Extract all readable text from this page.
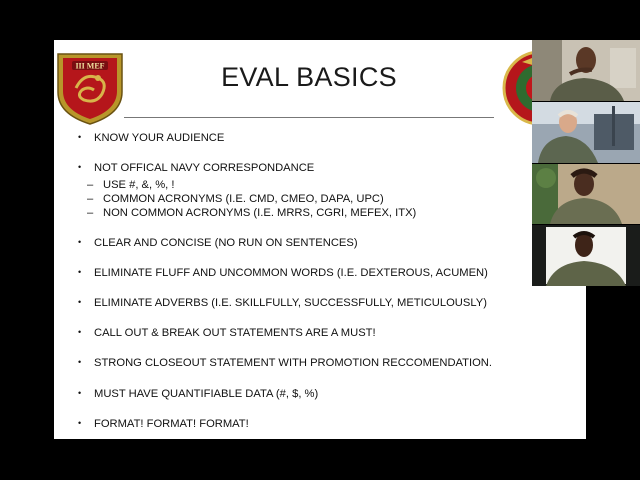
III MEF	EVAL BASICS
• KNOW YOUR AUDIENCE
• NOT OFFICAL NAVY CORRESPONDANCE
– USE #, &, %, !
– COMMON ACRONYMS (I.E. CMD, CMEO, DAPA, UPC)
– NON COMMON ACRONYMS (I.E. MRRS, CGRI, MEFEX, ITX)
• CLEAR AND CONCISE (NO RUN ON SENTENCES)
• ELIMINATE FLUFF AND UNCOMMON WORDS (I.E. DEXTEROUS, ACUMEN)
• ELIMINATE ADVERBS (I.E. SKILLFULLY, SUCCESSFULLY, METICULOUSLY)
• CALL OUT & BREAK OUT STATEMENTS ARE A MUST!
• STRONG CLOSEOUT STATEMENT WITH PROMOTION RECCOMENDATION.
• MUST HAVE QUANTIFIABLE DATA (#, $, %)
• FORMAT! FORMAT! FORMAT!
